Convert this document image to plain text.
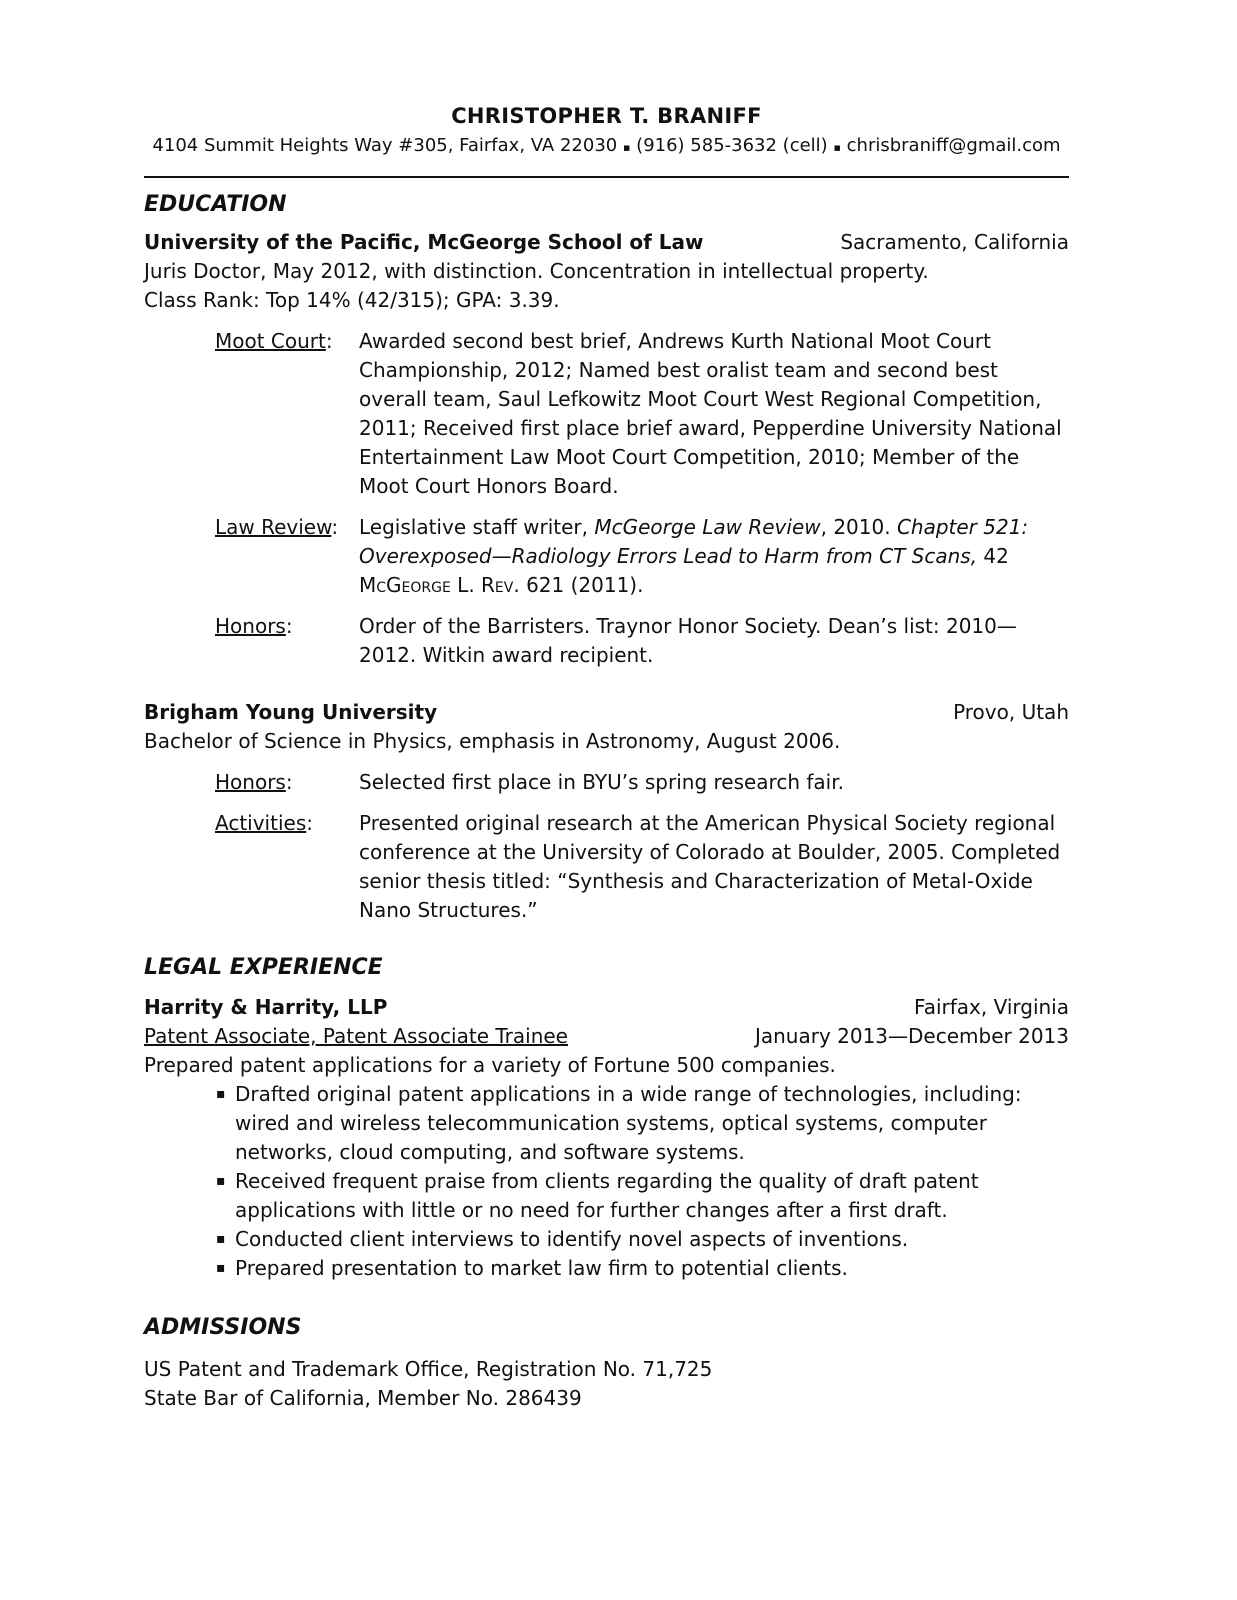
CHRISTOPHER T. BRANIFF
4104 Summit Heights Way #305, Fairfax, VA 22030 ▪ (916) 585-3632 (cell) ▪ chrisbraniff@gmail.com
EDUCATION
University of the Pacific, McGeorge School of Law	Sacramento, California
Juris Doctor, May 2012, with distinction. Concentration in intellectual property.
Class Rank: Top 14% (42/315); GPA: 3.39.
Moot Court:	Awarded second best brief, Andrews Kurth National Moot Court Championship, 2012; Named best oralist team and second best overall team, Saul Lefkowitz Moot Court West Regional Competition, 2011; Received first place brief award, Pepperdine University National Entertainment Law Moot Court Competition, 2010; Member of the Moot Court Honors Board.
Law Review:	Legislative staff writer, McGeorge Law Review, 2010. Chapter 521: Overexposed—Radiology Errors Lead to Harm from CT Scans, 42 McGeorge L. Rev. 621 (2011).
Honors:	Order of the Barristers. Traynor Honor Society. Dean’s list: 2010—2012. Witkin award recipient.
Brigham Young University	Provo, Utah
Bachelor of Science in Physics, emphasis in Astronomy, August 2006.
Honors:	Selected first place in BYU’s spring research fair.
Activities:	Presented original research at the American Physical Society regional conference at the University of Colorado at Boulder, 2005. Completed senior thesis titled: “Synthesis and Characterization of Metal-Oxide Nano Structures.”
LEGAL EXPERIENCE
Harrity & Harrity, LLP	Fairfax, Virginia
Patent Associate, Patent Associate Trainee	January 2013—December 2013
Prepared patent applications for a variety of Fortune 500 companies.
▪ Drafted original patent applications in a wide range of technologies, including: wired and wireless telecommunication systems, optical systems, computer networks, cloud computing, and software systems.
▪ Received frequent praise from clients regarding the quality of draft patent applications with little or no need for further changes after a first draft.
▪ Conducted client interviews to identify novel aspects of inventions.
▪ Prepared presentation to market law firm to potential clients.
ADMISSIONS
US Patent and Trademark Office, Registration No. 71,725
State Bar of California, Member No. 286439
